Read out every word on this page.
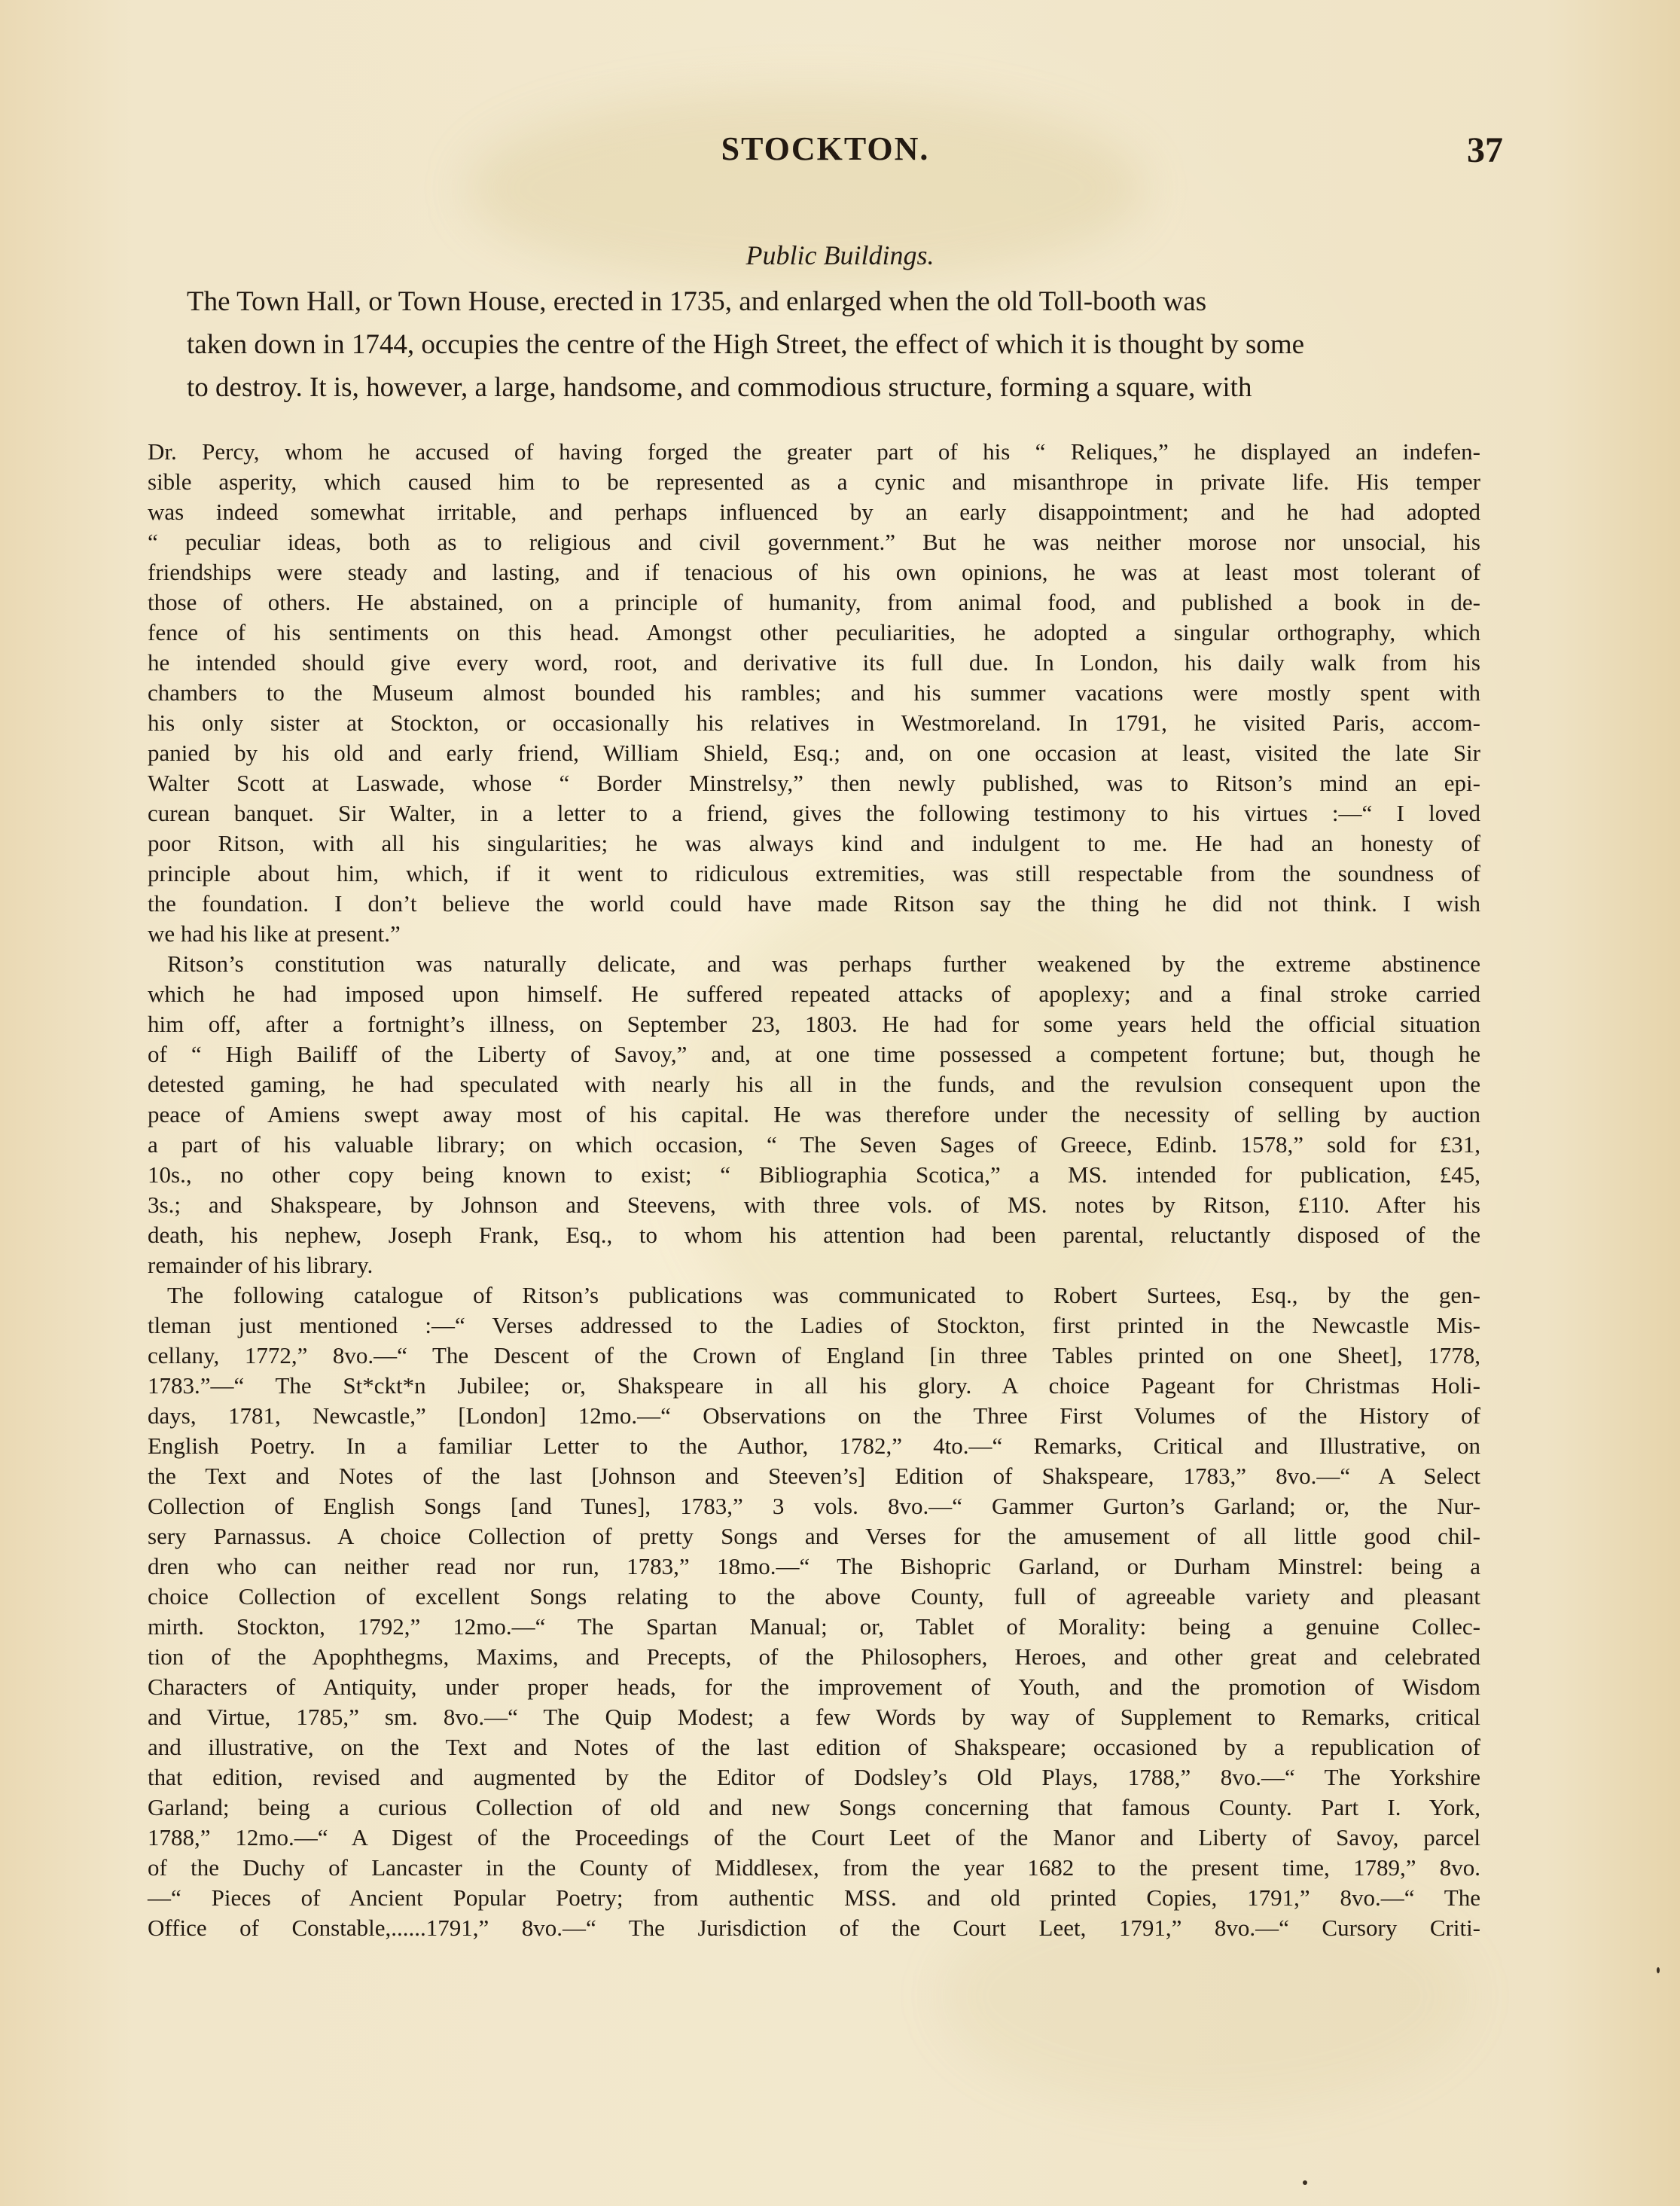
STOCKTON.	37
Public Buildings.
The Town Hall, or Town House, erected in 1735, and enlarged when the old Toll-booth was
taken down in 1744, occupies the centre of the High Street, the effect of which it is thought by some
to destroy. It is, however, a large, handsome, and commodious structure, forming a square, with
Dr. Percy, whom he accused of having forged the greater part of his “ Reliques,” he displayed an indefen-
sible asperity, which caused him to be represented as a cynic and misanthrope in private life. His temper
was indeed somewhat irritable, and perhaps influenced by an early disappointment; and he had adopted
“ peculiar ideas, both as to religious and civil government.” But he was neither morose nor unsocial, his
friendships were steady and lasting, and if tenacious of his own opinions, he was at least most tolerant of
those of others. He abstained, on a principle of humanity, from animal food, and published a book in de-
fence of his sentiments on this head. Amongst other peculiarities, he adopted a singular orthography, which
he intended should give every word, root, and derivative its full due. In London, his daily walk from his
chambers to the Museum almost bounded his rambles; and his summer vacations were mostly spent with
his only sister at Stockton, or occasionally his relatives in Westmoreland. In 1791, he visited Paris, accom-
panied by his old and early friend, William Shield, Esq.; and, on one occasion at least, visited the late Sir
Walter Scott at Laswade, whose “ Border Minstrelsy,” then newly published, was to Ritson’s mind an epi-
curean banquet. Sir Walter, in a letter to a friend, gives the following testimony to his virtues :—“ I loved
poor Ritson, with all his singularities; he was always kind and indulgent to me. He had an honesty of
principle about him, which, if it went to ridiculous extremities, was still respectable from the soundness of
the foundation. I don’t believe the world could have made Ritson say the thing he did not think. I wish
we had his like at present.”
Ritson’s constitution was naturally delicate, and was perhaps further weakened by the extreme abstinence
which he had imposed upon himself. He suffered repeated attacks of apoplexy; and a final stroke carried
him off, after a fortnight’s illness, on September 23, 1803. He had for some years held the official situation
of “ High Bailiff of the Liberty of Savoy,” and, at one time possessed a competent fortune; but, though he
detested gaming, he had speculated with nearly his all in the funds, and the revulsion consequent upon the
peace of Amiens swept away most of his capital. He was therefore under the necessity of selling by auction
a part of his valuable library; on which occasion, “ The Seven Sages of Greece, Edinb. 1578,” sold for £31,
10s., no other copy being known to exist; “ Bibliographia Scotica,” a MS. intended for publication, £45,
3s.; and Shakspeare, by Johnson and Steevens, with three vols. of MS. notes by Ritson, £110. After his
death, his nephew, Joseph Frank, Esq., to whom his attention had been parental, reluctantly disposed of the
remainder of his library.
The following catalogue of Ritson’s publications was communicated to Robert Surtees, Esq., by the gen-
tleman just mentioned :—“ Verses addressed to the Ladies of Stockton, first printed in the Newcastle Mis-
cellany, 1772,” 8vo.—“ The Descent of the Crown of England [in three Tables printed on one Sheet], 1778,
1783.”—“ The St*ckt*n Jubilee; or, Shakspeare in all his glory. A choice Pageant for Christmas Holi-
days, 1781, Newcastle,” [London] 12mo.—“ Observations on the Three First Volumes of the History of
English Poetry. In a familiar Letter to the Author, 1782,” 4to.—“ Remarks, Critical and Illustrative, on
the Text and Notes of the last [Johnson and Steeven’s] Edition of Shakspeare, 1783,” 8vo.—“ A Select
Collection of English Songs [and Tunes], 1783,” 3 vols. 8vo.—“ Gammer Gurton’s Garland; or, the Nur-
sery Parnassus. A choice Collection of pretty Songs and Verses for the amusement of all little good chil-
dren who can neither read nor run, 1783,” 18mo.—“ The Bishopric Garland, or Durham Minstrel: being a
choice Collection of excellent Songs relating to the above County, full of agreeable variety and pleasant
mirth. Stockton, 1792,” 12mo.—“ The Spartan Manual; or, Tablet of Morality: being a genuine Collec-
tion of the Apophthegms, Maxims, and Precepts, of the Philosophers, Heroes, and other great and celebrated
Characters of Antiquity, under proper heads, for the improvement of Youth, and the promotion of Wisdom
and Virtue, 1785,” sm. 8vo.—“ The Quip Modest; a few Words by way of Supplement to Remarks, critical
and illustrative, on the Text and Notes of the last edition of Shakspeare; occasioned by a republication of
that edition, revised and augmented by the Editor of Dodsley’s Old Plays, 1788,” 8vo.—“ The Yorkshire
Garland; being a curious Collection of old and new Songs concerning that famous County. Part I. York,
1788,” 12mo.—“ A Digest of the Proceedings of the Court Leet of the Manor and Liberty of Savoy, parcel
of the Duchy of Lancaster in the County of Middlesex, from the year 1682 to the present time, 1789,” 8vo.
—“ Pieces of Ancient Popular Poetry; from authentic MSS. and old printed Copies, 1791,” 8vo.—“ The
Office of Constable,......1791,” 8vo.—“ The Jurisdiction of the Court Leet, 1791,” 8vo.—“ Cursory Criti-
